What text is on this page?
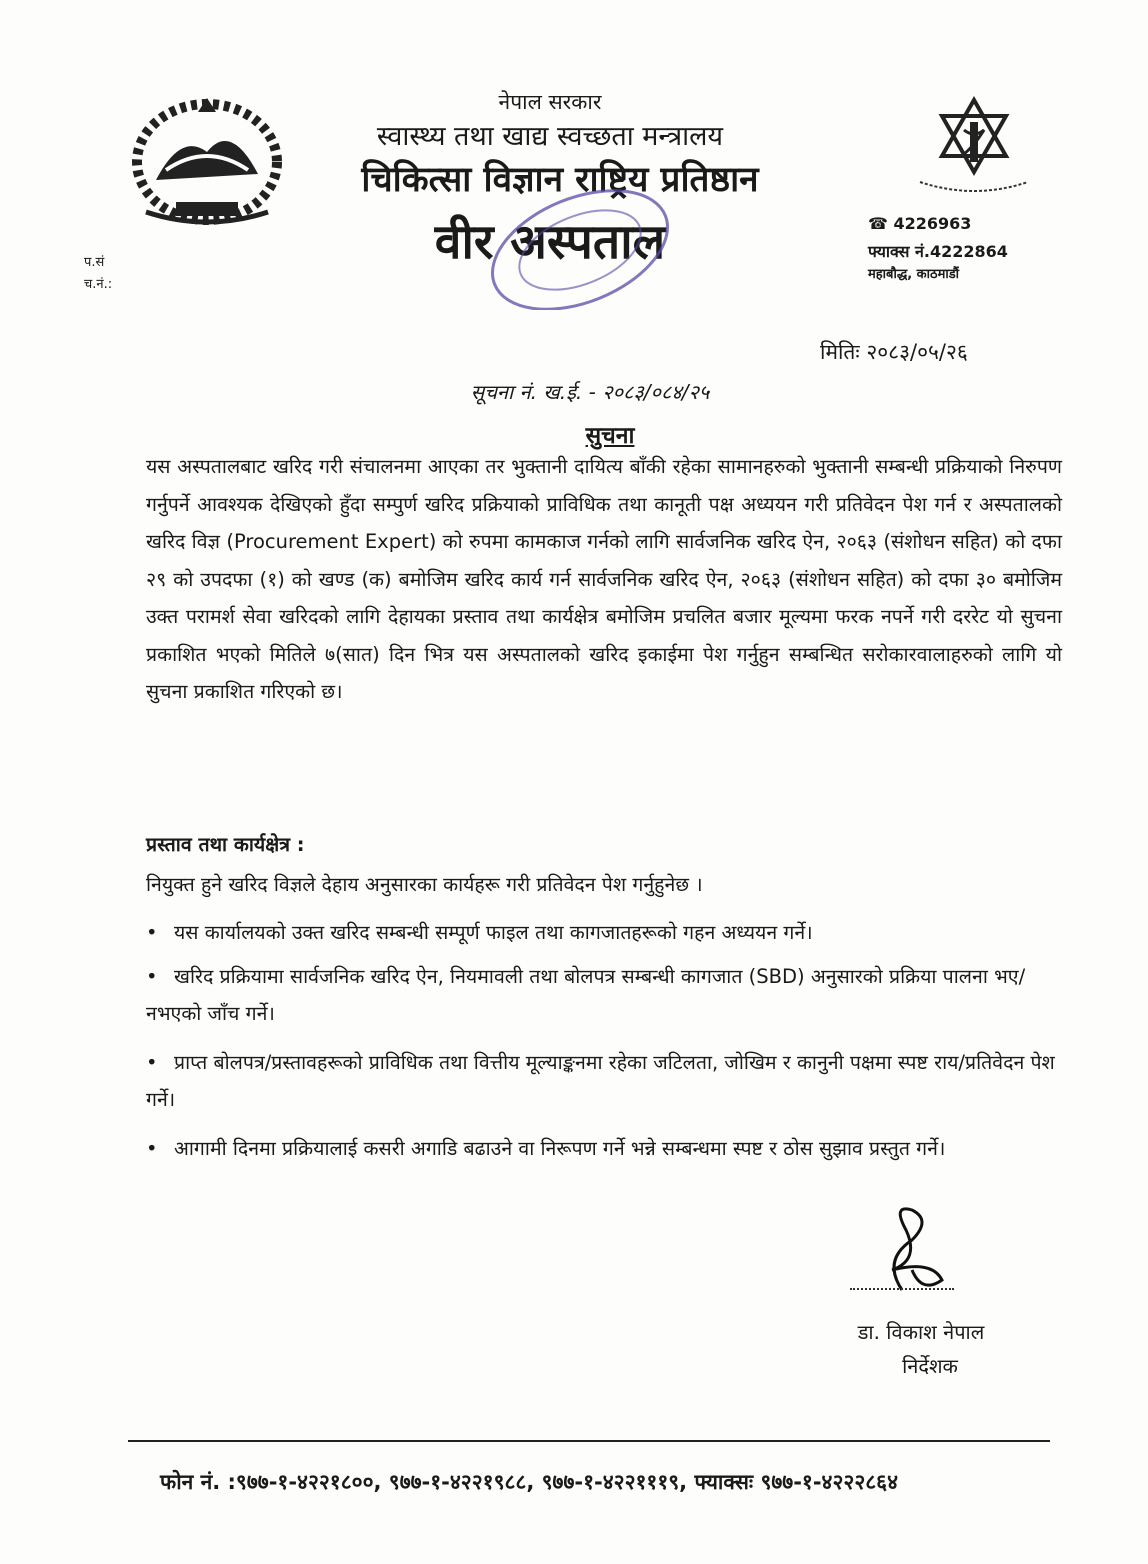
नेपाल सरकार
स्वास्थ्य तथा खाद्य स्वच्छता मन्त्रालय
चिकित्सा विज्ञान राष्ट्रिय प्रतिष्ठान
वीर अस्पताल
प.सं
च.नं.:
☎ 4226963
फ्याक्स नं.4222864
महाबौद्ध, काठमाडौं
मितिः २०८३/०५/२६
सूचना नं. ख.ई. - २०८३/०८४/२५
सुचना
यस अस्पतालबाट खरिद गरी संचालनमा आएका तर भुक्तानी दायित्य बाँकी रहेका सामानहरुको भुक्तानी सम्बन्धी प्रक्रियाको निरुपण गर्नुपर्ने आवश्यक देखिएको हुँदा सम्पुर्ण खरिद प्रक्रियाको प्राविधिक तथा कानूती पक्ष अध्ययन गरी प्रतिवेदन पेश गर्न र अस्पतालको खरिद विज्ञ (Procurement Expert) को रुपमा कामकाज गर्नको लागि सार्वजनिक खरिद ऐन, २०६३ (संशोधन सहित) को दफा २९ को उपदफा (१) को खण्ड (क) बमोजिम खरिद कार्य गर्न सार्वजनिक खरिद ऐन, २०६३ (संशोधन सहित) को दफा ३० बमोजिम उक्त परामर्श सेवा खरिदको लागि देहायका प्रस्ताव तथा कार्यक्षेत्र बमोजिम प्रचलित बजार मूल्यमा फरक नपर्ने गरी दररेट यो सुचना प्रकाशित भएको मितिले ७(सात) दिन भित्र यस अस्पतालको खरिद इकाईमा पेश गर्नुहुन सम्बन्धित सरोकारवालाहरुको लागि यो सुचना प्रकाशित गरिएको छ।
प्रस्ताव तथा कार्यक्षेत्र :
नियुक्त हुने खरिद विज्ञले देहाय अनुसारका कार्यहरू गरी प्रतिवेदन पेश गर्नुहुनेछ ।
• यस कार्यालयको उक्त खरिद सम्बन्धी सम्पूर्ण फाइल तथा कागजातहरूको गहन अध्ययन गर्ने।
• खरिद प्रक्रियामा सार्वजनिक खरिद ऐन, नियमावली तथा बोलपत्र सम्बन्धी कागजात (SBD) अनुसारको प्रक्रिया पालना भए/नभएको जाँच गर्ने।
• प्राप्त बोलपत्र/प्रस्तावहरूको प्राविधिक तथा वित्तीय मूल्याङ्कनमा रहेका जटिलता, जोखिम र कानुनी पक्षमा स्पष्ट राय/प्रतिवेदन पेश गर्ने।
• आगामी दिनमा प्रक्रियालाई कसरी अगाडि बढाउने वा निरूपण गर्ने भन्ने सम्बन्धमा स्पष्ट र ठोस सुझाव प्रस्तुत गर्ने।
डा. विकाश नेपाल
निर्देशक
फोन नं. :९७७-१-४२२१८००, ९७७-१-४२२१९८८, ९७७-१-४२२१११९, फ्याक्सः ९७७-१-४२२२८६४
